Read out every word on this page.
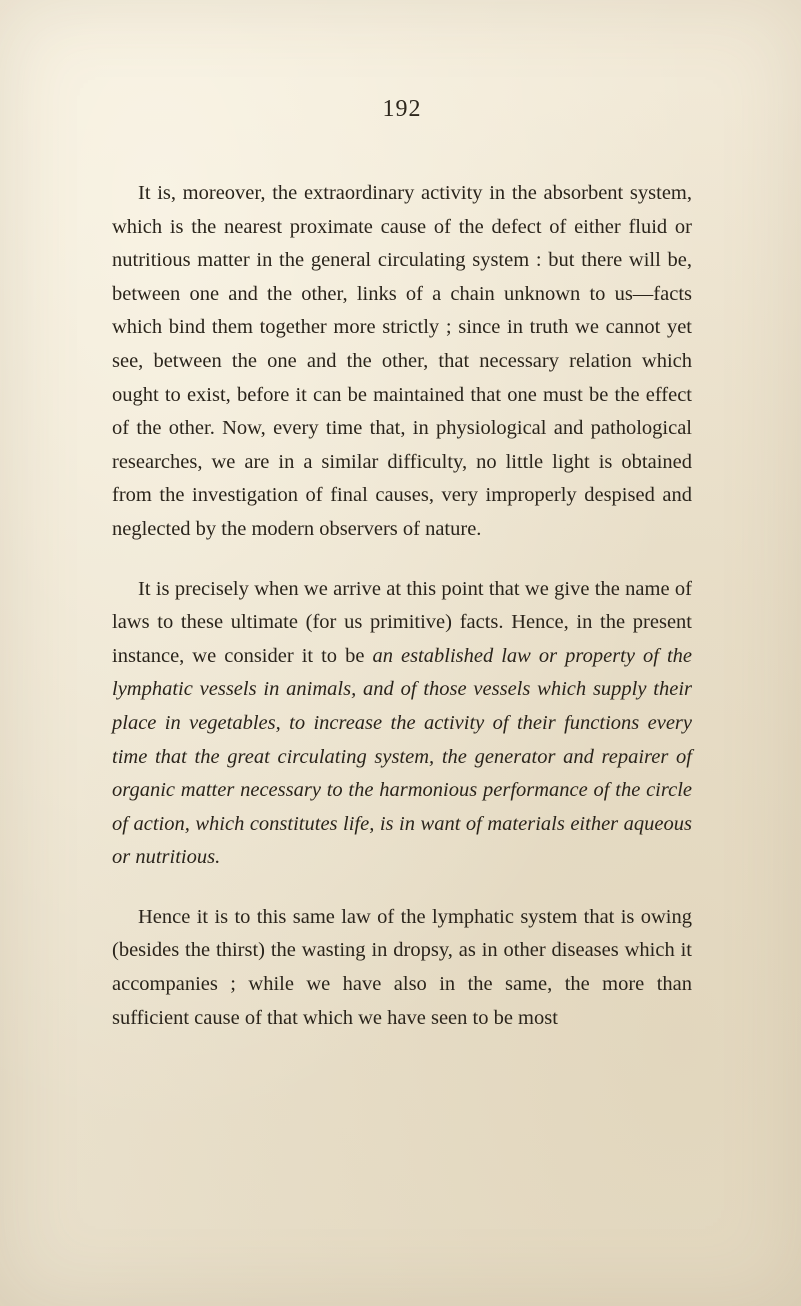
192

It is, moreover, the extraordinary activity in the absorbent system, which is the nearest proximate cause of the defect of either fluid or nutritious matter in the general circulating system : but there will be, between one and the other, links of a chain unknown to us—facts which bind them together more strictly ; since in truth we cannot yet see, between the one and the other, that necessary relation which ought to exist, before it can be maintained that one must be the effect of the other. Now, every time that, in physiological and pathological researches, we are in a similar difficulty, no little light is obtained from the investigation of final causes, very improperly despised and neglected by the modern observers of nature.

It is precisely when we arrive at this point that we give the name of laws to these ultimate (for us primitive) facts. Hence, in the present instance, we consider it to be an established law or property of the lymphatic vessels in animals, and of those vessels which supply their place in vegetables, to increase the activity of their functions every time that the great circulating system, the generator and repairer of organic matter necessary to the harmonious performance of the circle of action, which constitutes life, is in want of materials either aqueous or nutritious.

Hence it is to this same law of the lymphatic system that is owing (besides the thirst) the wasting in dropsy, as in other diseases which it accompanies ; while we have also in the same, the more than sufficient cause of that which we have seen to be most
